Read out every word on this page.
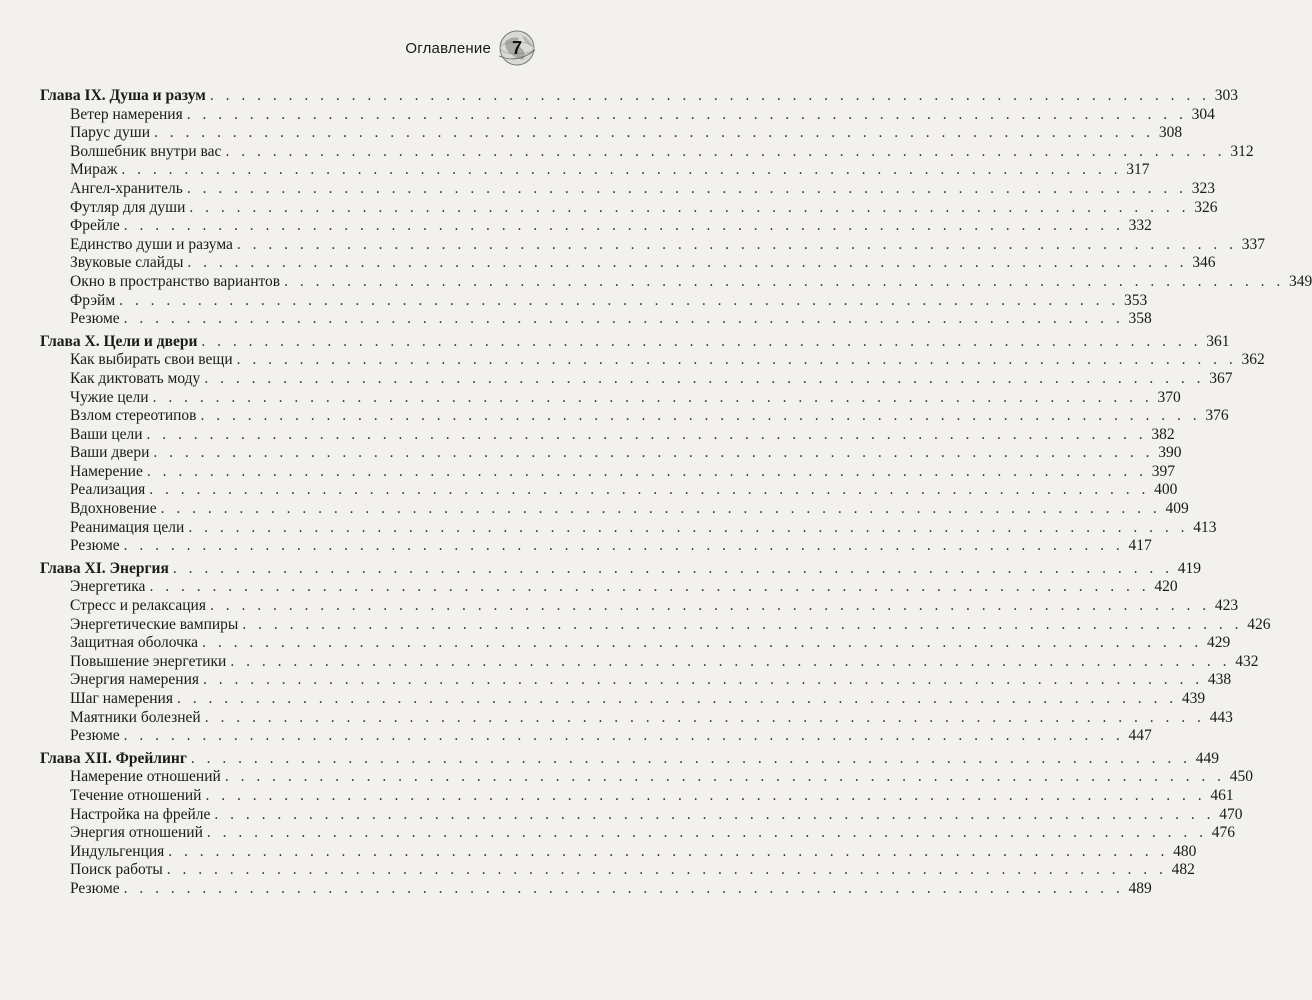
Оглавление	7
Глава IX. Душа и разум . . . . . . . . . . . . . . . . . . . . . . . . . . . . . . . . . . . . . . . . . . . . . . . . . . . . . . . . . . . . . . . . 303
Ветер намерения . . . . . . . . . . . . . . . . . . . . . . . . . . . . . . . . . . . . . . . . . . . . . . . . . . . . . . . . . . . . . . . . 304
Парус души . . . . . . . . . . . . . . . . . . . . . . . . . . . . . . . . . . . . . . . . . . . . . . . . . . . . . . . . . . . . . . . . 308
Волшебник внутри вас . . . . . . . . . . . . . . . . . . . . . . . . . . . . . . . . . . . . . . . . . . . . . . . . . . . . . . . . . . . . . . . . 312
Мираж . . . . . . . . . . . . . . . . . . . . . . . . . . . . . . . . . . . . . . . . . . . . . . . . . . . . . . . . . . . . . . . . 317
Ангел-хранитель . . . . . . . . . . . . . . . . . . . . . . . . . . . . . . . . . . . . . . . . . . . . . . . . . . . . . . . . . . . . . . . . 323
Футляр для души . . . . . . . . . . . . . . . . . . . . . . . . . . . . . . . . . . . . . . . . . . . . . . . . . . . . . . . . . . . . . . . . 326
Фрейле . . . . . . . . . . . . . . . . . . . . . . . . . . . . . . . . . . . . . . . . . . . . . . . . . . . . . . . . . . . . . . . . 332
Единство души и разума . . . . . . . . . . . . . . . . . . . . . . . . . . . . . . . . . . . . . . . . . . . . . . . . . . . . . . . . . . . . . . . . 337
Звуковые слайды . . . . . . . . . . . . . . . . . . . . . . . . . . . . . . . . . . . . . . . . . . . . . . . . . . . . . . . . . . . . . . . . 346
Окно в пространство вариантов . . . . . . . . . . . . . . . . . . . . . . . . . . . . . . . . . . . . . . . . . . . . . . . . . . . . . . . . . . . . . . . . 349
Фрэйм . . . . . . . . . . . . . . . . . . . . . . . . . . . . . . . . . . . . . . . . . . . . . . . . . . . . . . . . . . . . . . . . 353
Резюме . . . . . . . . . . . . . . . . . . . . . . . . . . . . . . . . . . . . . . . . . . . . . . . . . . . . . . . . . . . . . . . . 358
Глава X. Цели и двери . . . . . . . . . . . . . . . . . . . . . . . . . . . . . . . . . . . . . . . . . . . . . . . . . . . . . . . . . . . . . . . . 361
Как выбирать свои вещи . . . . . . . . . . . . . . . . . . . . . . . . . . . . . . . . . . . . . . . . . . . . . . . . . . . . . . . . . . . . . . . . 362
Как диктовать моду . . . . . . . . . . . . . . . . . . . . . . . . . . . . . . . . . . . . . . . . . . . . . . . . . . . . . . . . . . . . . . . . 367
Чужие цели . . . . . . . . . . . . . . . . . . . . . . . . . . . . . . . . . . . . . . . . . . . . . . . . . . . . . . . . . . . . . . . . 370
Взлом стереотипов . . . . . . . . . . . . . . . . . . . . . . . . . . . . . . . . . . . . . . . . . . . . . . . . . . . . . . . . . . . . . . . . 376
Ваши цели . . . . . . . . . . . . . . . . . . . . . . . . . . . . . . . . . . . . . . . . . . . . . . . . . . . . . . . . . . . . . . . . 382
Ваши двери . . . . . . . . . . . . . . . . . . . . . . . . . . . . . . . . . . . . . . . . . . . . . . . . . . . . . . . . . . . . . . . . 390
Намерение . . . . . . . . . . . . . . . . . . . . . . . . . . . . . . . . . . . . . . . . . . . . . . . . . . . . . . . . . . . . . . . . 397
Реализация . . . . . . . . . . . . . . . . . . . . . . . . . . . . . . . . . . . . . . . . . . . . . . . . . . . . . . . . . . . . . . . . 400
Вдохновение . . . . . . . . . . . . . . . . . . . . . . . . . . . . . . . . . . . . . . . . . . . . . . . . . . . . . . . . . . . . . . . . 409
Реанимация цели . . . . . . . . . . . . . . . . . . . . . . . . . . . . . . . . . . . . . . . . . . . . . . . . . . . . . . . . . . . . . . . . 413
Резюме . . . . . . . . . . . . . . . . . . . . . . . . . . . . . . . . . . . . . . . . . . . . . . . . . . . . . . . . . . . . . . . . 417
Глава XI. Энергия . . . . . . . . . . . . . . . . . . . . . . . . . . . . . . . . . . . . . . . . . . . . . . . . . . . . . . . . . . . . . . . . 419
Энергетика . . . . . . . . . . . . . . . . . . . . . . . . . . . . . . . . . . . . . . . . . . . . . . . . . . . . . . . . . . . . . . . . 420
Стресс и релаксация . . . . . . . . . . . . . . . . . . . . . . . . . . . . . . . . . . . . . . . . . . . . . . . . . . . . . . . . . . . . . . . . 423
Энергетические вампиры . . . . . . . . . . . . . . . . . . . . . . . . . . . . . . . . . . . . . . . . . . . . . . . . . . . . . . . . . . . . . . . . 426
Защитная оболочка . . . . . . . . . . . . . . . . . . . . . . . . . . . . . . . . . . . . . . . . . . . . . . . . . . . . . . . . . . . . . . . . 429
Повышение энергетики . . . . . . . . . . . . . . . . . . . . . . . . . . . . . . . . . . . . . . . . . . . . . . . . . . . . . . . . . . . . . . . . 432
Энергия намерения . . . . . . . . . . . . . . . . . . . . . . . . . . . . . . . . . . . . . . . . . . . . . . . . . . . . . . . . . . . . . . . . 438
Шаг намерения . . . . . . . . . . . . . . . . . . . . . . . . . . . . . . . . . . . . . . . . . . . . . . . . . . . . . . . . . . . . . . . . 439
Маятники болезней . . . . . . . . . . . . . . . . . . . . . . . . . . . . . . . . . . . . . . . . . . . . . . . . . . . . . . . . . . . . . . . . 443
Резюме . . . . . . . . . . . . . . . . . . . . . . . . . . . . . . . . . . . . . . . . . . . . . . . . . . . . . . . . . . . . . . . . 447
Глава XII. Фрейлинг . . . . . . . . . . . . . . . . . . . . . . . . . . . . . . . . . . . . . . . . . . . . . . . . . . . . . . . . . . . . . . . . 449
Намерение отношений . . . . . . . . . . . . . . . . . . . . . . . . . . . . . . . . . . . . . . . . . . . . . . . . . . . . . . . . . . . . . . . . 450
Течение отношений . . . . . . . . . . . . . . . . . . . . . . . . . . . . . . . . . . . . . . . . . . . . . . . . . . . . . . . . . . . . . . . . 461
Настройка на фрейле . . . . . . . . . . . . . . . . . . . . . . . . . . . . . . . . . . . . . . . . . . . . . . . . . . . . . . . . . . . . . . . . 470
Энергия отношений . . . . . . . . . . . . . . . . . . . . . . . . . . . . . . . . . . . . . . . . . . . . . . . . . . . . . . . . . . . . . . . . 476
Индульгенция . . . . . . . . . . . . . . . . . . . . . . . . . . . . . . . . . . . . . . . . . . . . . . . . . . . . . . . . . . . . . . . . 480
Поиск работы . . . . . . . . . . . . . . . . . . . . . . . . . . . . . . . . . . . . . . . . . . . . . . . . . . . . . . . . . . . . . . . . 482
Резюме . . . . . . . . . . . . . . . . . . . . . . . . . . . . . . . . . . . . . . . . . . . . . . . . . . . . . . . . . . . . . . . . 489
